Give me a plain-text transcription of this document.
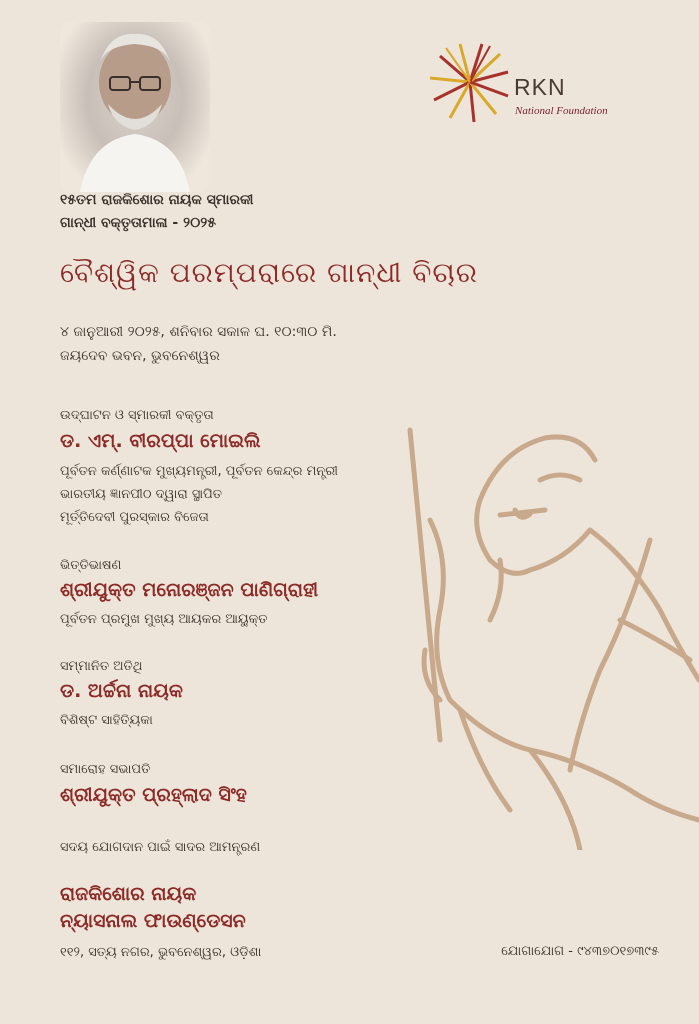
RKN
National Foundation
୧୫ତମ ରାଜକିଶୋର ନାୟକ ସ୍ମାରକୀ
ଗାନ୍ଧୀ ବକ୍ତୃତାମାଳା - ୨୦୨୫
ବୈଶ୍ୱିକ ପରମ୍ପରାରେ ଗାନ୍ଧୀ ବିଚାର
୪ ଜାନୁଆରୀ ୨୦୨୫, ଶନିବାର ସକାଳ ଘ. ୧୦:୩୦ ମି.
ଜୟଦେବ ଭବନ, ଭୁବନେଶ୍ୱର
ଉଦ୍‌ଘାଟନ ଓ ସ୍ମାରକୀ ବକ୍ତୃତା
ଡ. ଏମ୍‌. ବୀରପ୍ପା ମୋଇଲି
ପୂର୍ବତନ କର୍ଣ୍ଣାଟକ ମୁଖ୍ୟମନ୍ତ୍ରୀ, ପୂର୍ବତନ କେନ୍ଦ୍ର ମନ୍ତ୍ରୀ
ଭାରତୀୟ ଜ୍ଞାନପୀଠ ଦ୍ୱାରା ସ୍ଥାପିତ
ମୂର୍ତ୍ତିଦେବୀ ପୁରସ୍କାର ବିଜେତା
ଭିତ୍ତିଭାଷଣ
ଶ୍ରୀଯୁକ୍ତ ମନୋରଞ୍ଜନ ପାଣିଗ୍ରାହୀ
ପୂର୍ବତନ ପ୍ରମୁଖ ମୁଖ୍ୟ ଆୟକର ଆୟୁକ୍ତ
ସମ୍ମାନିତ ଅତିଥି
ଡ. ଅର୍ଚ୍ଚନା ନାୟକ
ବିଶିଷ୍ଟ ସାହିତ୍ୟିକା
ସମାରୋହ ସଭାପତି
ଶ୍ରୀଯୁକ୍ତ ପ୍ରହ୍ଲାଦ ସିଂହ
ସଦୟ ଯୋଗଦାନ ପାଇଁ ସାଦର ଆମନ୍ତ୍ରଣ
ରାଜକିଶୋର ନାୟକ
ନ୍ୟାସନାଲ ଫାଉଣ୍ଡେସନ
୧୧୨, ସତ୍ୟ ନଗର, ଭୁବନେଶ୍ୱର, ଓଡ଼ିଶା	ଯୋଗାଯୋଗ - ୯୪୩୭୦୧୭୩୯୫
